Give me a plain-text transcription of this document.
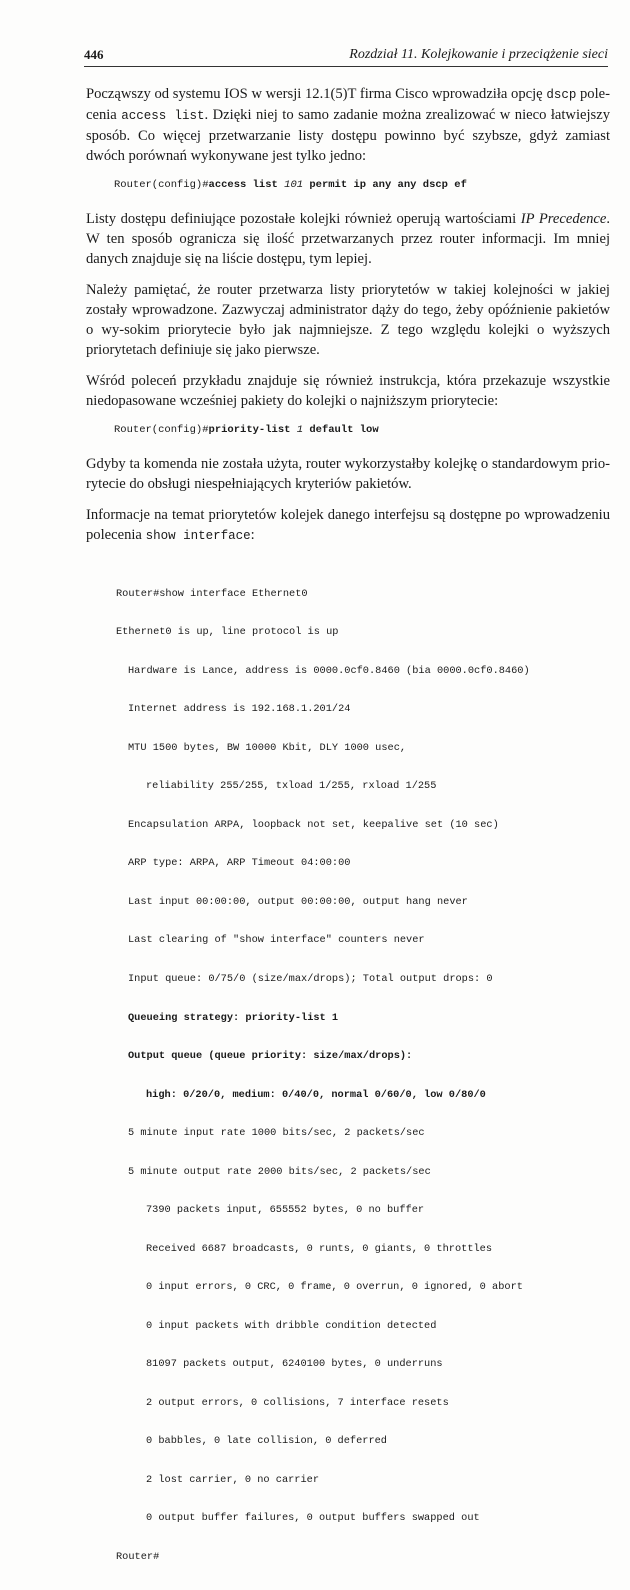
446	Rozdział 11. Kolejkowanie i przeciążenie sieci

Począwszy od systemu IOS w wersji 12.1(5)T firma Cisco wprowadziła opcję dscp pole-cenia access list. Dzięki niej to samo zadanie można zrealizować w nieco łatwiejszy sposób. Co więcej przetwarzanie listy dostępu powinno być szybsze, gdyż zamiast dwóch porównań wykonywane jest tylko jedno:

Router(config)#access list 101 permit ip any any dscp ef

Listy dostępu definiujące pozostałe kolejki również operują wartościami IP Precedence. W ten sposób ogranicza się ilość przetwarzanych przez router informacji. Im mniej danych znajduje się na liście dostępu, tym lepiej.

Należy pamiętać, że router przetwarza listy priorytetów w takiej kolejności w jakiej zostały wprowadzone. Zazwyczaj administrator dąży do tego, żeby opóźnienie pakietów o wy-sokim priorytecie było jak najmniejsze. Z tego względu kolejki o wyższych priorytetach definiuje się jako pierwsze.

Wśród poleceń przykładu znajduje się również instrukcja, która przekazuje wszystkie niedopasowane wcześniej pakiety do kolejki o najniższym priorytecie:

Router(config)#priority-list 1 default low

Gdyby ta komenda nie została użyta, router wykorzystałby kolejkę o standardowym prio-rytecie do obsługi niespełniających kryteriów pakietów.

Informacje na temat priorytetów kolejek danego interfejsu są dostępne po wprowadzeniu polecenia show interface:

Router#show interface Ethernet0

Ethernet0 is up, line protocol is up

Hardware is Lance, address is 0000.0cf0.8460 (bia 0000.0cf0.8460)

Internet address is 192.168.1.201/24

MTU 1500 bytes, BW 10000 Kbit, DLY 1000 usec,

reliability 255/255, txload 1/255, rxload 1/255

Encapsulation ARPA, loopback not set, keepalive set (10 sec)

ARP type: ARPA, ARP Timeout 04:00:00

Last input 00:00:00, output 00:00:00, output hang never

Last clearing of "show interface" counters never

Input queue: 0/75/0 (size/max/drops); Total output drops: 0

Queueing strategy: priority-list 1

Output queue (queue priority: size/max/drops):

high: 0/20/0, medium: 0/40/0, normal 0/60/0, low 0/80/0

5 minute input rate 1000 bits/sec, 2 packets/sec

5 minute output rate 2000 bits/sec, 2 packets/sec

7390 packets input, 655552 bytes, 0 no buffer

Received 6687 broadcasts, 0 runts, 0 giants, 0 throttles

0 input errors, 0 CRC, 0 frame, 0 overrun, 0 ignored, 0 abort

0 input packets with dribble condition detected

81097 packets output, 6240100 bytes, 0 underruns

2 output errors, 0 collisions, 7 interface resets

0 babbles, 0 late collision, 0 deferred

2 lost carrier, 0 no carrier

0 output buffer failures, 0 output buffers swapped out

Router#
